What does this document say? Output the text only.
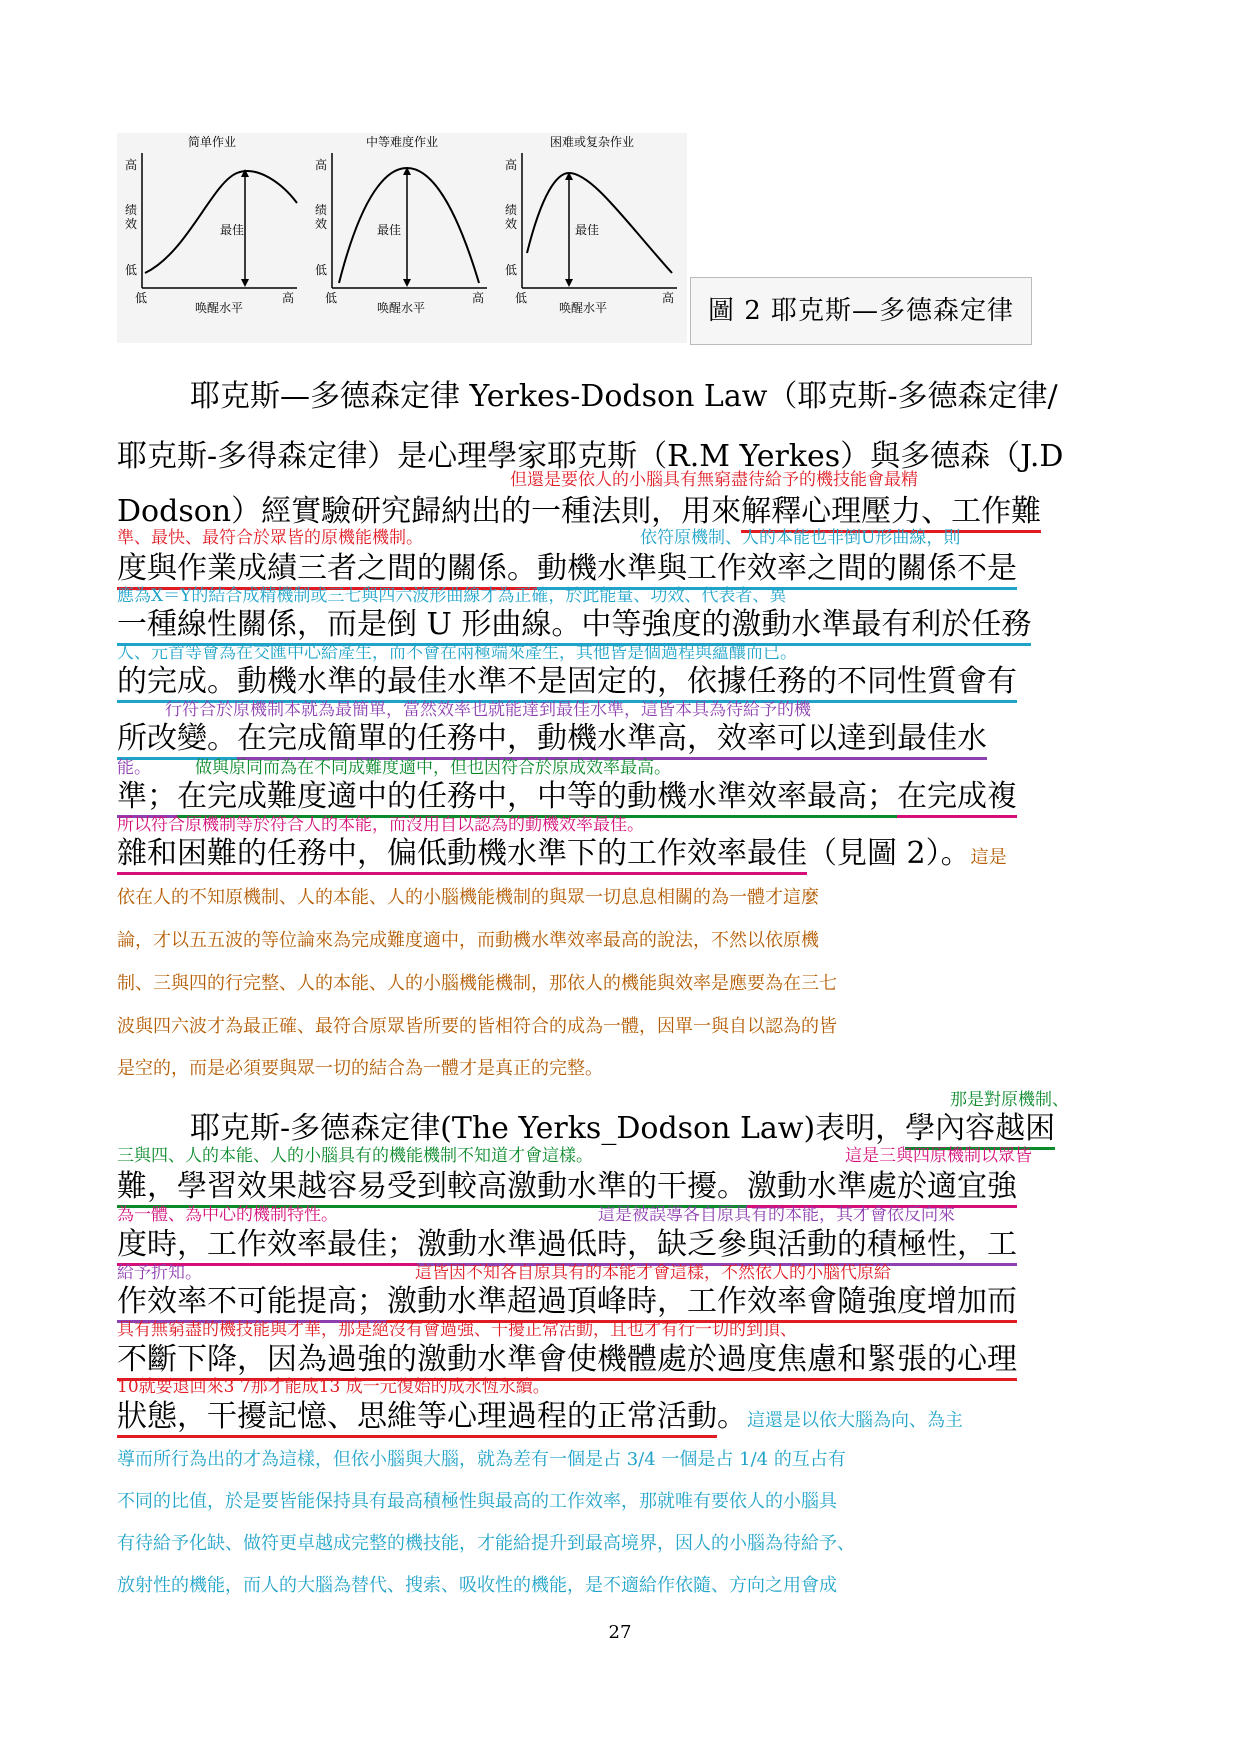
简单作业
高
绩
效
低
最佳
低
唤醒水平
高
中等难度作业
高
绩
效
低
最佳
低
唤醒水平
高
困难或复杂作业
高
绩
效
低
最佳
低
唤醒水平
高	圖 2 耶克斯—多德森定律
耶克斯—多德森定律 Yerkes-Dodson Law（耶克斯-多德森定律/
耶克斯-多得森定律）是心理學家耶克斯（R.M Yerkes）與多德森（J.D
但還是要依人的小腦具有無窮盡待給予的機技能會最精
Dodson）經實驗研究歸納出的一種法則，用來解釋心理壓力、工作難
準、最快、最符合於眾皆的原機能機制。	依符原機制、人的本能也非倒U形曲線，則
度與作業成績三者之間的關係。動機水準與工作效率之間的關係不是
應為X＝Y的結合成精機制或三七與四六波形曲線才為正確，於此能量、功效、代表者、異
一種線性關係，而是倒 U 形曲線。中等強度的激動水準最有利於任務
人、元首等會為在交匯中心給產生，而不會在兩極端來產生，其他皆是個過程與蘊釀而已。
的完成。動機水準的最佳水準不是固定的，依據任務的不同性質會有
行符合於原機制本就為最簡單，當然效率也就能達到最佳水準，這皆本具為待給予的機
所改變。在完成簡單的任務中，動機水準高，效率可以達到最佳水
能。	做與原同而為在不同成難度適中，但也因符合於原成效率最高。
準；在完成難度適中的任務中，中等的動機水準效率最高；在完成複
所以符合原機制等於符合人的本能，而沒用自以認為的動機效率最佳。
雜和困難的任務中，偏低動機水準下的工作效率最佳（見圖 2）。這是
依在人的不知原機制、人的本能、人的小腦機能機制的與眾一切息息相關的為一體才這麼
論，才以五五波的等位論來為完成難度適中，而動機水準效率最高的說法，不然以依原機
制、三與四的行完整、人的本能、人的小腦機能機制，那依人的機能與效率是應要為在三七
波與四六波才為最正確、最符合原眾皆所要的皆相符合的成為一體，因單一與自以認為的皆
是空的，而是必須要與眾一切的結合為一體才是真正的完整。
那是對原機制、
耶克斯-多德森定律(The Yerks_Dodson Law)表明，學內容越困
三與四、人的本能、人的小腦具有的機能機制不知道才會這樣。	這是三與四原機制以眾皆
難，學習效果越容易受到較高激動水準的干擾。激動水準處於適宜強
為一體、為中心的機制特性。	這是被誤導各自原具有的本能，其才會依反向來
度時，工作效率最佳；激動水準過低時，缺乏參與活動的積極性，工
給予折知。	這皆因不知各自原具有的本能才會這樣，不然依人的小腦代原給
作效率不可能提高；激動水準超過頂峰時，工作效率會隨強度增加而
具有無窮盡的機技能與才華，那是絕沒有會過強、干擾正常活動，且也才有行一切的到頂、
不斷下降，因為過強的激動水準會使機體處於過度焦慮和緊張的心理
10就要退回來3 7那才能成13 成一元復始的成永恆永續。
狀態，干擾記憶、思維等心理過程的正常活動。這還是以依大腦為向、為主
導而所行為出的才為這樣，但依小腦與大腦，就為差有一個是占 3/4 一個是占 1/4 的互占有
不同的比值，於是要皆能保持具有最高積極性與最高的工作效率，那就唯有要依人的小腦具
有待給予化缺、做符更卓越成完整的機技能，才能給提升到最高境界，因人的小腦為待給予、
放射性的機能，而人的大腦為替代、搜索、吸收性的機能，是不適給作依隨、方向之用會成
27
